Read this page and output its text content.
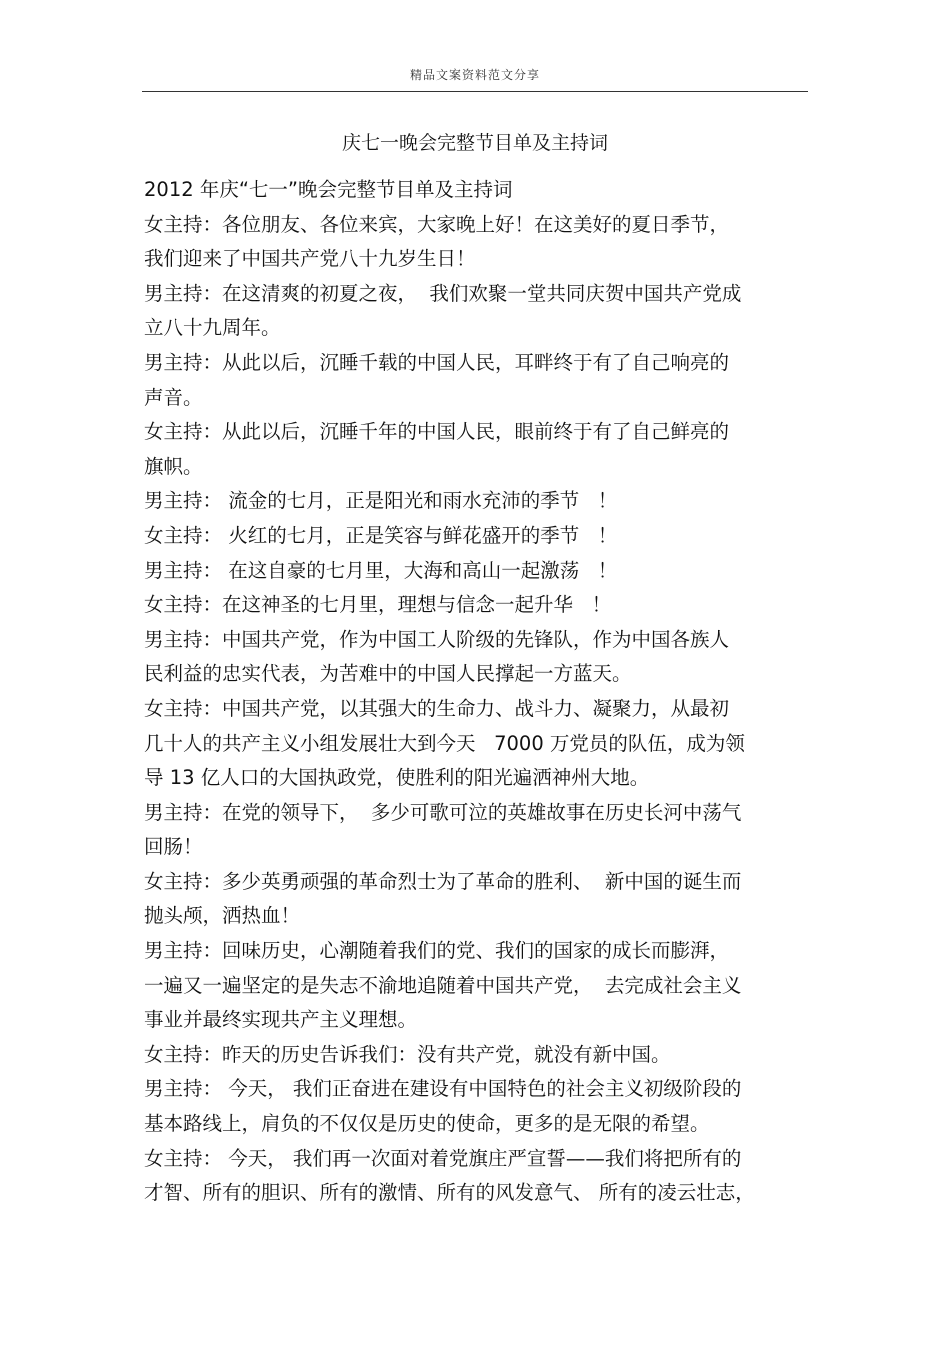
精品文案资料范文分享
庆七一晚会完整节目单及主持词
2012 年庆“七一”晚会完整节目单及主持词
女主持：各位朋友、各位来宾，大家晚上好！在这美好的夏日季节，
我们迎来了中国共产党八十九岁生日！
男主持：在这清爽的初夏之夜，  我们欢聚一堂共同庆贺中国共产党成
立八十九周年。
男主持：从此以后，沉睡千载的中国人民，耳畔终于有了自己响亮的
声音。
女主持：从此以后，沉睡千年的中国人民，眼前终于有了自己鲜亮的
旗帜。
男主持： 流金的七月，正是阳光和雨水充沛的季节   ！
女主持： 火红的七月，正是笑容与鲜花盛开的季节   ！
男主持： 在这自豪的七月里，大海和高山一起激荡   ！
女主持：在这神圣的七月里，理想与信念一起升华   ！
男主持：中国共产党，作为中国工人阶级的先锋队，作为中国各族人
民利益的忠实代表，为苦难中的中国人民撑起一方蓝天。
女主持：中国共产党，以其强大的生命力、战斗力、凝聚力，从最初
几十人的共产主义小组发展壮大到今天   7000 万党员的队伍，成为领
导 13 亿人口的大国执政党，使胜利的阳光遍洒神州大地。
男主持：在党的领导下，  多少可歌可泣的英雄故事在历史长河中荡气
回肠！
女主持：多少英勇顽强的革命烈士为了革命的胜利、  新中国的诞生而
抛头颅，洒热血！
男主持：回味历史，心潮随着我们的党、我们的国家的成长而膨湃，
一遍又一遍坚定的是失志不渝地追随着中国共产党，  去完成社会主义
事业并最终实现共产主义理想。
女主持：昨天的历史告诉我们：没有共产党，就没有新中国。
男主持： 今天， 我们正奋进在建设有中国特色的社会主义初级阶段的
基本路线上，肩负的不仅仅是历史的使命，更多的是无限的希望。
女主持： 今天， 我们再一次面对着党旗庄严宣誓——我们将把所有的
才智、所有的胆识、所有的激情、所有的风发意气、 所有的凌云壮志，
